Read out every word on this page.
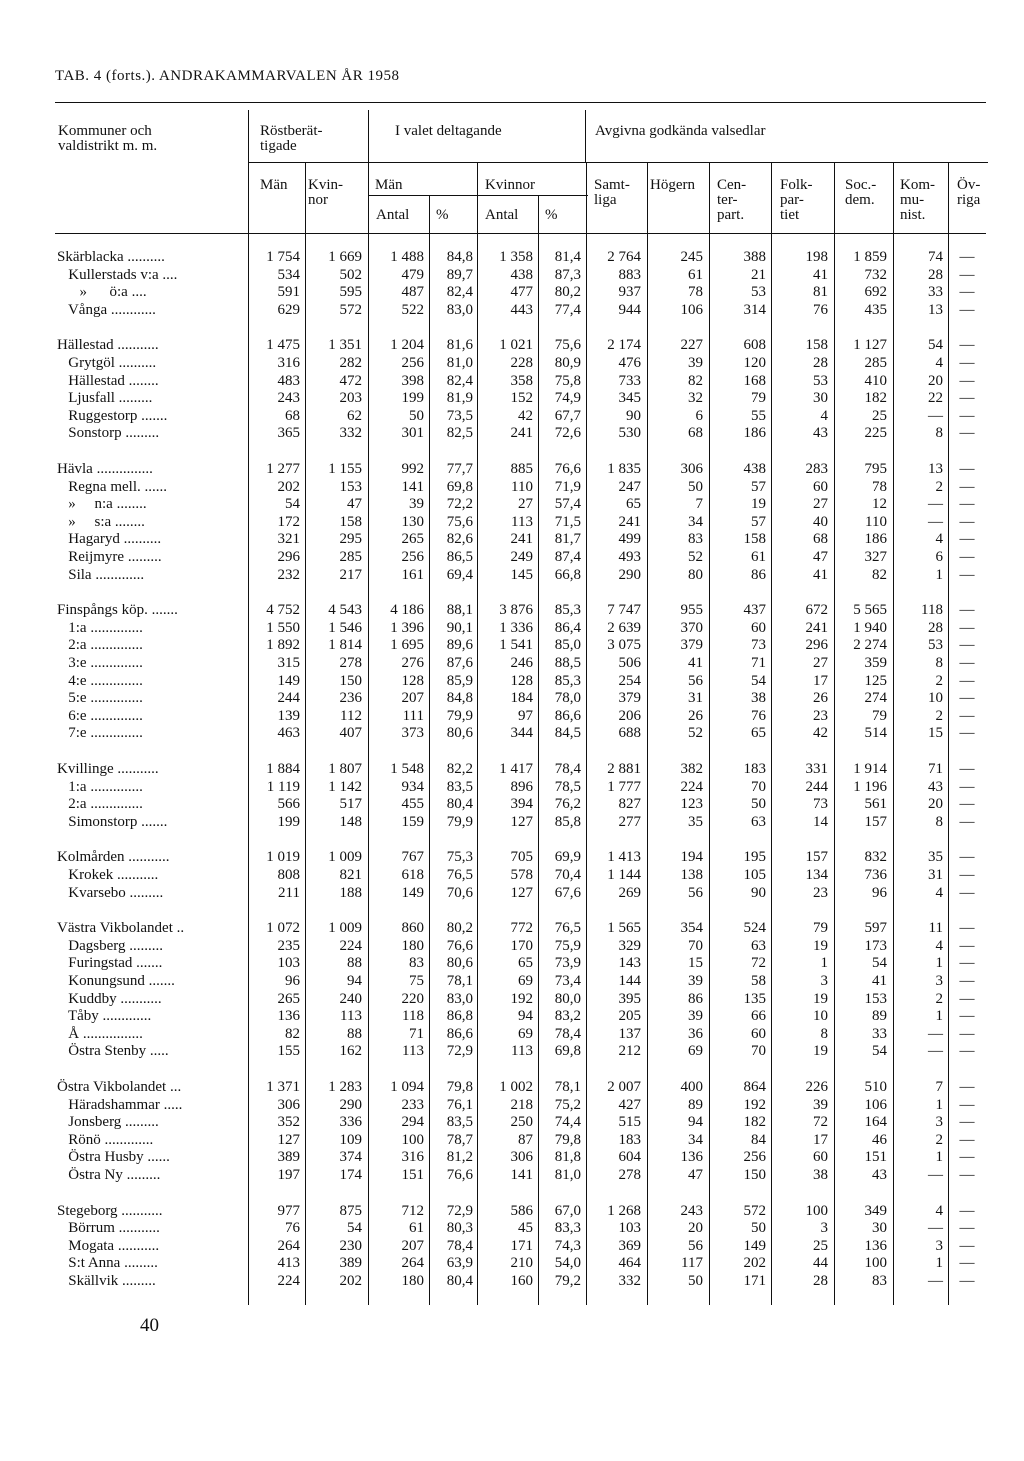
TAB. 4 (forts.). ANDRAKAMMARVALEN ÅR 1958
Kommuner och
valdistrikt m. m.
Röstberät-
tigade
I valet deltagande	Avgivna godkända valsedlar
Män Kvin-
nor
Män	Kvinnor
Antal % Antal %
Samt-
liga
Högern Cen-
ter-
part.
Folk-
par-
tiet
Soc.-
dem.
Kom-
mu-
nist.
Öv-
riga
Skärblacka ..........	1 754	1 669	1 488	84,8	1 358	81,4	2 764	245	388	198	1 859	74	—
Kullerstads v:a ....	534	502	479	89,7	438	87,3	883	61	21	41	732	28	—
»      ö:a ....	591	595	487	82,4	477	80,2	937	78	53	81	692	33	—
Vånga ............	629	572	522	83,0	443	77,4	944	106	314	76	435	13	—
Hällestad ...........	1 475	1 351	1 204	81,6	1 021	75,6	2 174	227	608	158	1 127	54	—
Grytgöl ..........	316	282	256	81,0	228	80,9	476	39	120	28	285	4	—
Hällestad ........	483	472	398	82,4	358	75,8	733	82	168	53	410	20	—
Ljusfall .........	243	203	199	81,9	152	74,9	345	32	79	30	182	22	—
Ruggestorp .......	68	62	50	73,5	42	67,7	90	6	55	4	25	—	—
Sonstorp .........	365	332	301	82,5	241	72,6	530	68	186	43	225	8	—
Hävla ...............	1 277	1 155	992	77,7	885	76,6	1 835	306	438	283	795	13	—
Regna mell. ......	202	153	141	69,8	110	71,9	247	50	57	60	78	2	—
»     n:a ........	54	47	39	72,2	27	57,4	65	7	19	27	12	—	—
»     s:a ........	172	158	130	75,6	113	71,5	241	34	57	40	110	—	—
Hagaryd ..........	321	295	265	82,6	241	81,7	499	83	158	68	186	4	—
Reijmyre .........	296	285	256	86,5	249	87,4	493	52	61	47	327	6	—
Sila .............	232	217	161	69,4	145	66,8	290	80	86	41	82	1	—
Finspångs köp. .......	4 752	4 543	4 186	88,1	3 876	85,3	7 747	955	437	672	5 565	118	—
1:a ..............	1 550	1 546	1 396	90,1	1 336	86,4	2 639	370	60	241	1 940	28	—
2:a ..............	1 892	1 814	1 695	89,6	1 541	85,0	3 075	379	73	296	2 274	53	—
3:e ..............	315	278	276	87,6	246	88,5	506	41	71	27	359	8	—
4:e ..............	149	150	128	85,9	128	85,3	254	56	54	17	125	2	—
5:e ..............	244	236	207	84,8	184	78,0	379	31	38	26	274	10	—
6:e ..............	139	112	111	79,9	97	86,6	206	26	76	23	79	2	—
7:e ..............	463	407	373	80,6	344	84,5	688	52	65	42	514	15	—
Kvillinge ...........	1 884	1 807	1 548	82,2	1 417	78,4	2 881	382	183	331	1 914	71	—
1:a ..............	1 119	1 142	934	83,5	896	78,5	1 777	224	70	244	1 196	43	—
2:a ..............	566	517	455	80,4	394	76,2	827	123	50	73	561	20	—
Simonstorp .......	199	148	159	79,9	127	85,8	277	35	63	14	157	8	—
Kolmården ...........	1 019	1 009	767	75,3	705	69,9	1 413	194	195	157	832	35	—
Krokek ...........	808	821	618	76,5	578	70,4	1 144	138	105	134	736	31	—
Kvarsebo .........	211	188	149	70,6	127	67,6	269	56	90	23	96	4	—
Västra Vikbolandet ..	1 072	1 009	860	80,2	772	76,5	1 565	354	524	79	597	11	—
Dagsberg .........	235	224	180	76,6	170	75,9	329	70	63	19	173	4	—
Furingstad .......	103	88	83	80,6	65	73,9	143	15	72	1	54	1	—
Konungsund .......	96	94	75	78,1	69	73,4	144	39	58	3	41	3	—
Kuddby ...........	265	240	220	83,0	192	80,0	395	86	135	19	153	2	—
Tåby .............	136	113	118	86,8	94	83,2	205	39	66	10	89	1	—
Å ................	82	88	71	86,6	69	78,4	137	36	60	8	33	—	—
Östra Stenby .....	155	162	113	72,9	113	69,8	212	69	70	19	54	—	—
Östra Vikbolandet ...	1 371	1 283	1 094	79,8	1 002	78,1	2 007	400	864	226	510	7	—
Häradshammar .....	306	290	233	76,1	218	75,2	427	89	192	39	106	1	—
Jonsberg .........	352	336	294	83,5	250	74,4	515	94	182	72	164	3	—
Rönö .............	127	109	100	78,7	87	79,8	183	34	84	17	46	2	—
Östra Husby ......	389	374	316	81,2	306	81,8	604	136	256	60	151	1	—
Östra Ny .........	197	174	151	76,6	141	81,0	278	47	150	38	43	—	—
Stegeborg ...........	977	875	712	72,9	586	67,0	1 268	243	572	100	349	4	—
Börrum ...........	76	54	61	80,3	45	83,3	103	20	50	3	30	—	—
Mogata ...........	264	230	207	78,4	171	74,3	369	56	149	25	136	3	—
S:t Anna .........	413	389	264	63,9	210	54,0	464	117	202	44	100	1	—
Skällvik .........	224	202	180	80,4	160	79,2	332	50	171	28	83	—	—
40
